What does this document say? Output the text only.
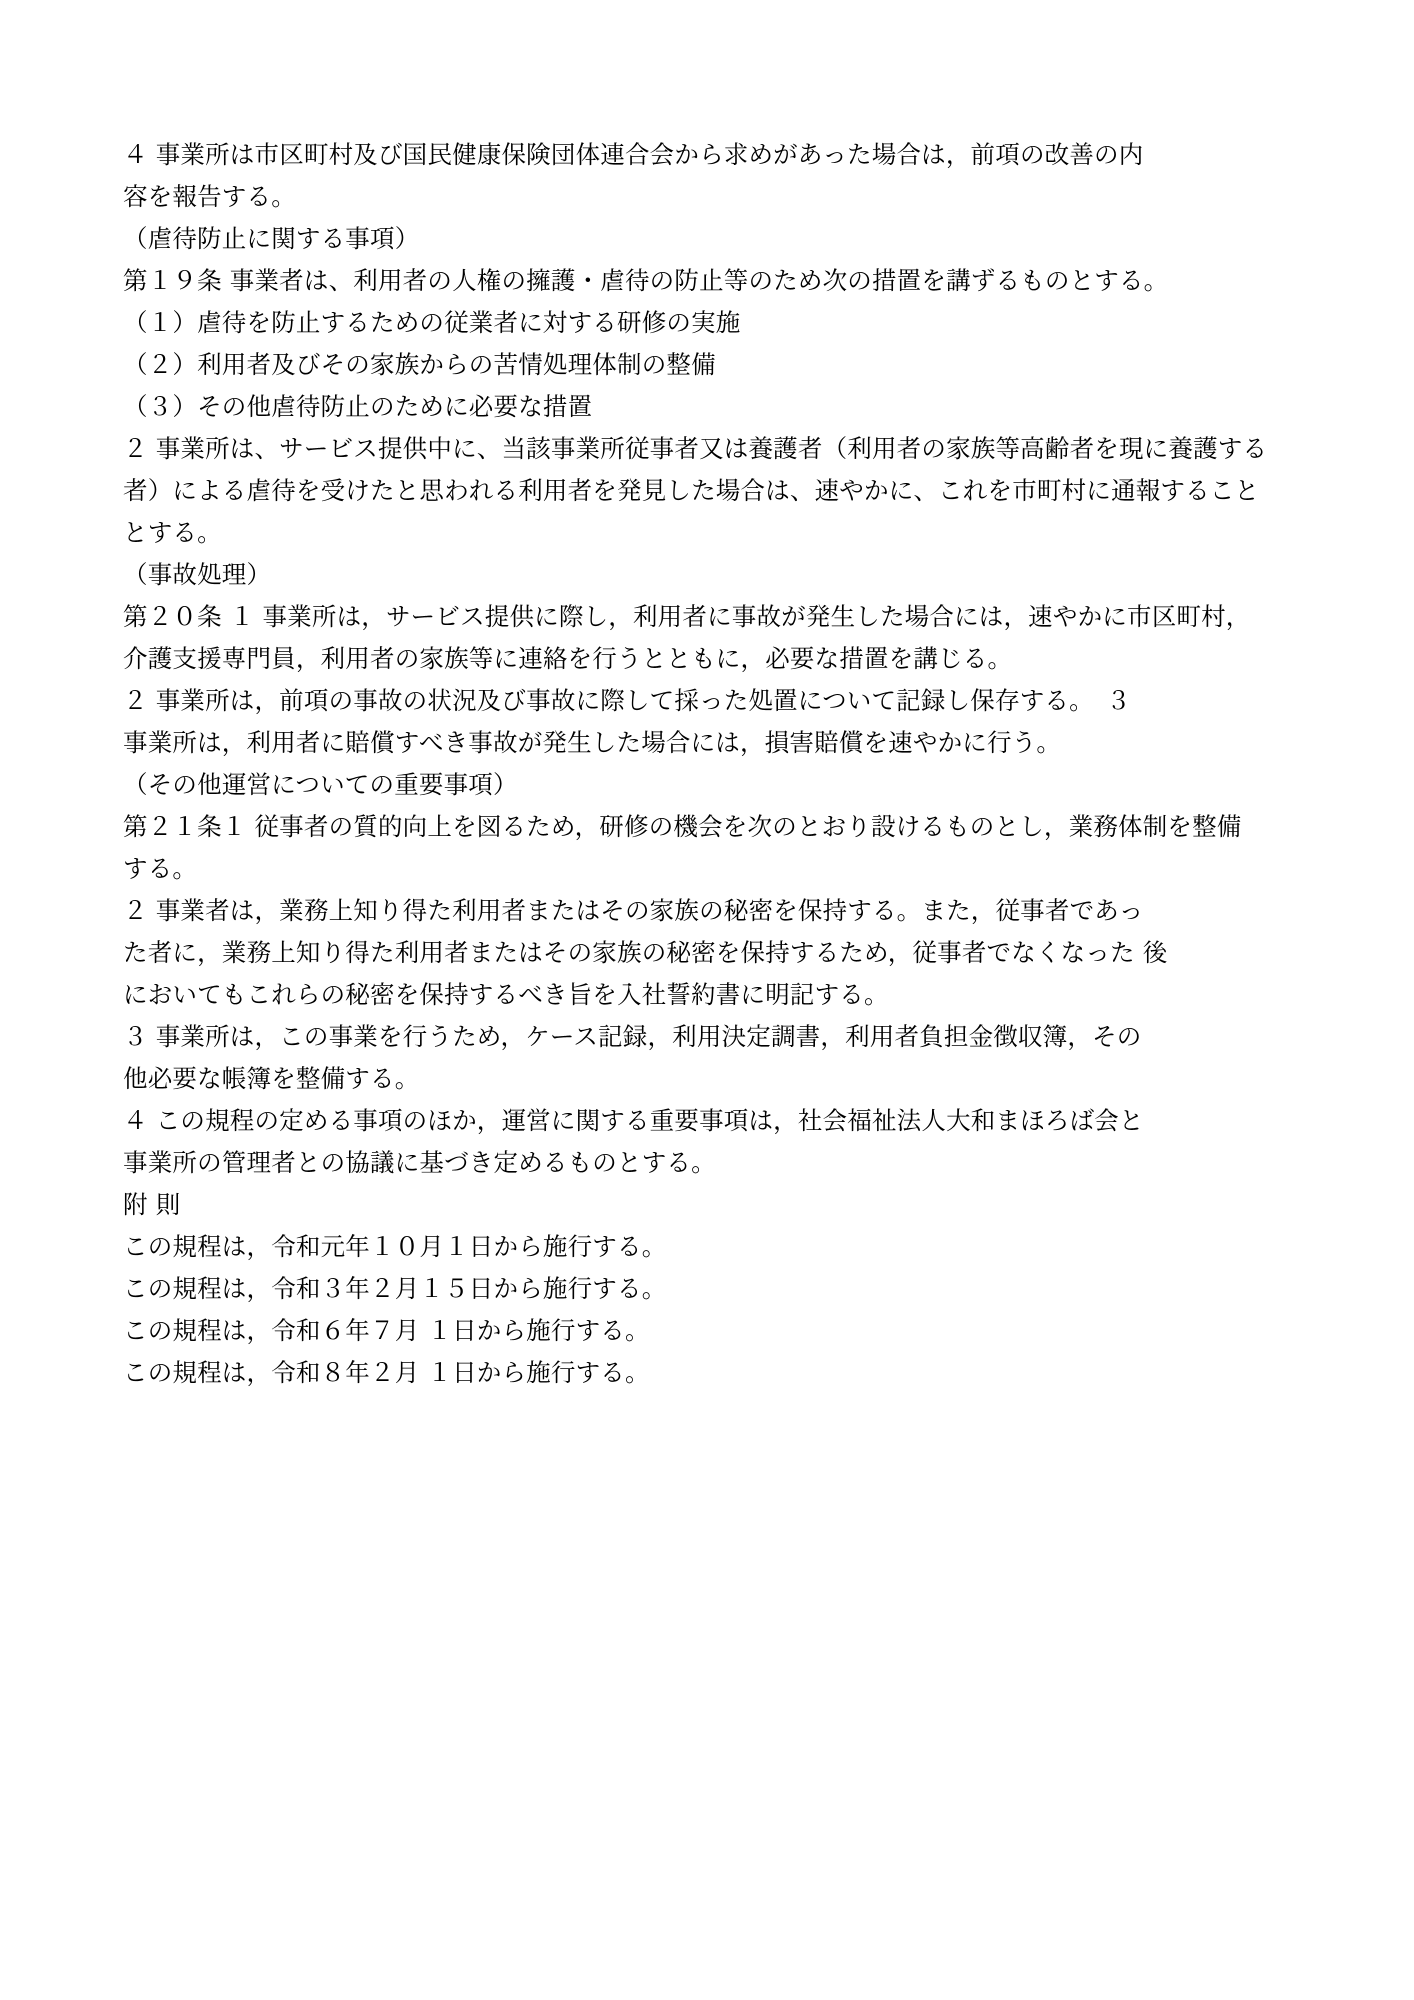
４ 事業所は市区町村及び国民健康保険団体連合会から求めがあった場合は，前項の改善の内

容を報告する。

（虐待防止に関する事項）

第１９条 事業者は、利用者の人権の擁護・虐待の防止等のため次の措置を講ずるものとする。

（１）虐待を防止するための従業者に対する研修の実施

（２）利用者及びその家族からの苦情処理体制の整備

（３）その他虐待防止のために必要な措置

２ 事業所は、サービス提供中に、当該事業所従事者又は養護者（利用者の家族等高齢者を現に養護する

者）による虐待を受けたと思われる利用者を発見した場合は、速やかに、これを市町村に通報すること

とする。

（事故処理）

第２０条 １ 事業所は，サービス提供に際し，利用者に事故が発生した場合には，速やかに市区町村，

介護支援専門員，利用者の家族等に連絡を行うとともに，必要な措置を講じる。

２ 事業所は，前項の事故の状況及び事故に際して採った処置について記録し保存する。　３

事業所は，利用者に賠償すべき事故が発生した場合には，損害賠償を速やかに行う。

（その他運営についての重要事項）

第２１条１ 従事者の質的向上を図るため，研修の機会を次のとおり設けるものとし，業務体制を整備

する。

２ 事業者は，業務上知り得た利用者またはその家族の秘密を保持する。また，従事者であっ

た者に，業務上知り得た利用者またはその家族の秘密を保持するため，従事者でなくなった 後

においてもこれらの秘密を保持するべき旨を入社誓約書に明記する。

３ 事業所は，この事業を行うため，ケース記録，利用決定調書，利用者負担金徴収簿，その

他必要な帳簿を整備する。

４ この規程の定める事項のほか，運営に関する重要事項は，社会福祉法人大和まほろば会と

事業所の管理者との協議に基づき定めるものとする。

附 則

この規程は，令和元年１０月１日から施行する。

この規程は，令和３年２月１５日から施行する。

この規程は，令和６年７月 １日から施行する。

この規程は，令和８年２月 １日から施行する。
